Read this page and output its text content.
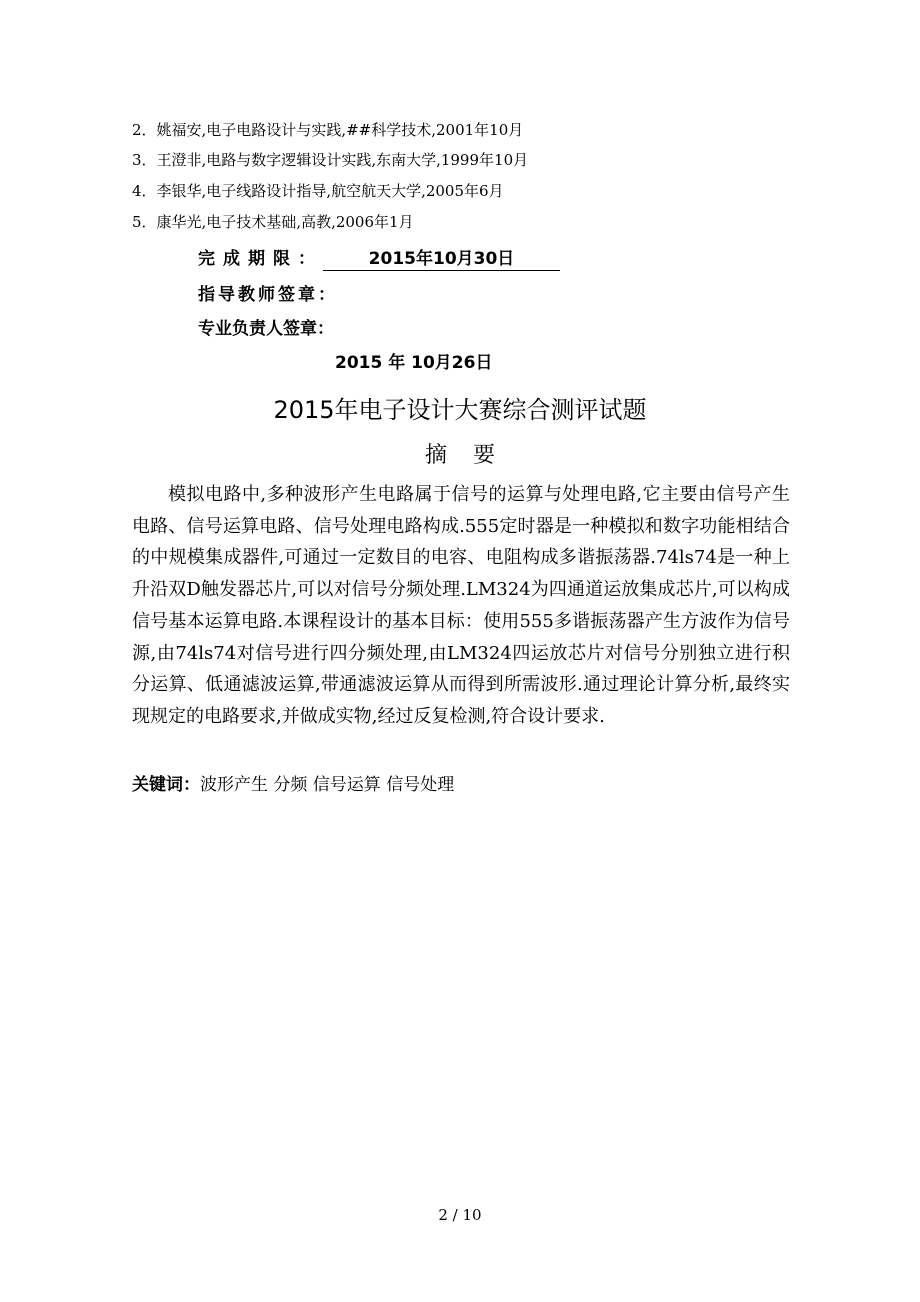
2．姚福安,电子电路设计与实践,##科学技术,2001年10月
3．王澄非,电路与数字逻辑设计实践,东南大学,1999年10月
4．李银华,电子线路设计指导,航空航天大学,2005年6月
5．康华光,电子技术基础,高教,2006年1月
完成期限：	2015年10月30日
指导教师签章：
专业负责人签章：
2015 年 10月26日
2015年电子设计大赛综合测评试题
摘要

模拟电路中,多种波形产生电路属于信号的运算与处理电路,它主要由信号产生电路、信号运算电路、信号处理电路构成.555定时器是一种模拟和数字功能相结合的中规模集成器件,可通过一定数目的电容、电阻构成多谐振荡器.74ls74是一种上升沿双D触发器芯片,可以对信号分频处理.LM324为四通道运放集成芯片,可以构成信号基本运算电路.本课程设计的基本目标：使用555多谐振荡器产生方波作为信号源,由74ls74对信号进行四分频处理,由LM324四运放芯片对信号分别独立进行积分运算、低通滤波运算,带通滤波运算从而得到所需波形.通过理论计算分析,最终实现规定的电路要求,并做成实物,经过反复检测,符合设计要求.

关键词：波形产生 分频 信号运算 信号处理
2 / 10
